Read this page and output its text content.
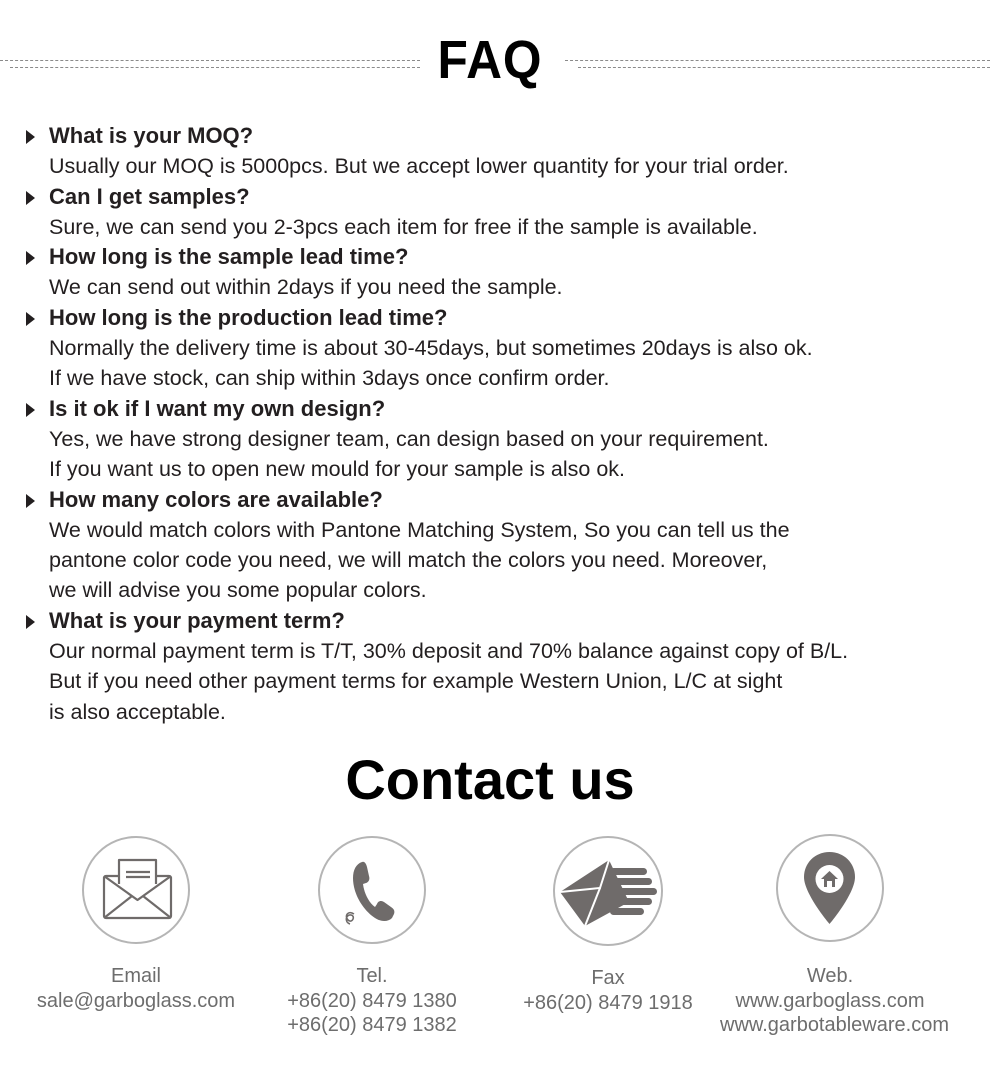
FAQ
What is your MOQ?
Usually our MOQ is 5000pcs. But we accept lower quantity for your trial order.
Can I get samples?
Sure, we can send you 2-3pcs each item for free if the sample is available.
How long is the sample lead time?
We can send out within 2days if you need the sample.
How long is the production lead time?
Normally the delivery time is about 30-45days, but sometimes 20days is also ok.
If we have stock, can ship within 3days once confirm order.
Is it ok if I want my own design?
Yes, we have strong designer team, can design based on your requirement.
If you want us to open new mould for your sample is also ok.
How many colors are available?
We would match colors with Pantone Matching System, So you can tell us the
pantone color code you need, we will match the colors you need. Moreover,
we will advise you some popular colors.
What is your payment term?
Our normal payment term is T/T, 30% deposit and 70% balance against copy of B/L.
But if you need other payment terms for example Western Union, L/C at sight
is also acceptable.
Contact us
Email
sale@garboglass.com
Tel.
+86(20) 8479 1380
+86(20) 8479 1382
Fax
+86(20) 8479 1918
Web.
www.garboglass.com
www.garbotableware.com
